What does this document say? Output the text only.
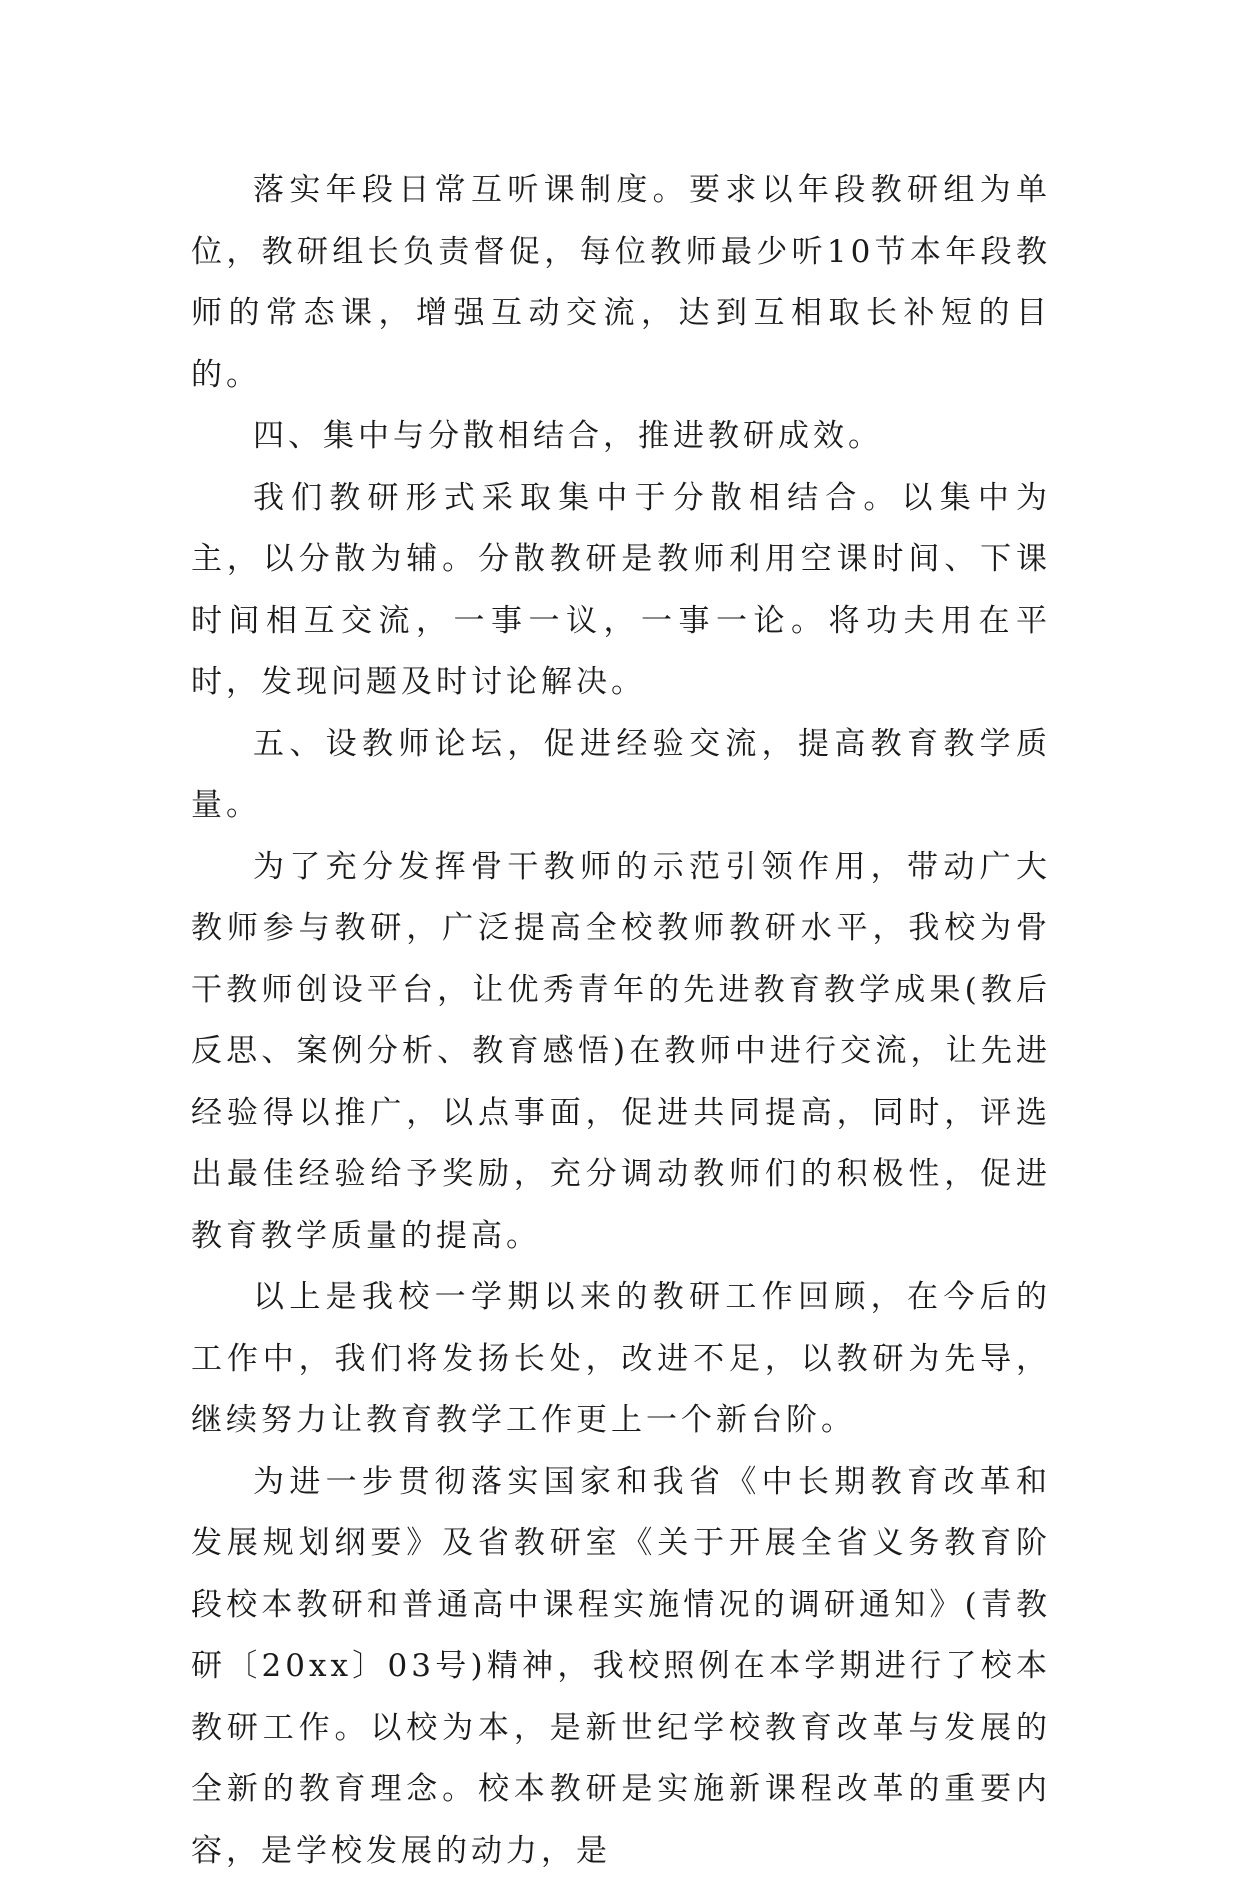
落实年段日常互听课制度。要求以年段教研组为单位，教研组长负责督促，每位教师最少听10节本年段教师的常态课，增强互动交流，达到互相取长补短的目的。

四、集中与分散相结合，推进教研成效。

我们教研形式采取集中于分散相结合。以集中为主，以分散为辅。分散教研是教师利用空课时间、下课时间相互交流，一事一议，一事一论。将功夫用在平时，发现问题及时讨论解决。

五、设教师论坛，促进经验交流，提高教育教学质量。

为了充分发挥骨干教师的示范引领作用，带动广大教师参与教研，广泛提高全校教师教研水平，我校为骨干教师创设平台，让优秀青年的先进教育教学成果(教后反思、案例分析、教育感悟)在教师中进行交流，让先进经验得以推广，以点事面，促进共同提高，同时，评选出最佳经验给予奖励，充分调动教师们的积极性，促进教育教学质量的提高。

以上是我校一学期以来的教研工作回顾，在今后的工作中，我们将发扬长处，改进不足，以教研为先导，继续努力让教育教学工作更上一个新台阶。

为进一步贯彻落实国家和我省《中长期教育改革和发展规划纲要》及省教研室《关于开展全省义务教育阶段校本教研和普通高中课程实施情况的调研通知》(青教研〔20xx〕03号)精神，我校照例在本学期进行了校本教研工作。以校为本，是新世纪学校教育改革与发展的全新的教育理念。校本教研是实施新课程改革的重要内容，是学校发展的动力，是
